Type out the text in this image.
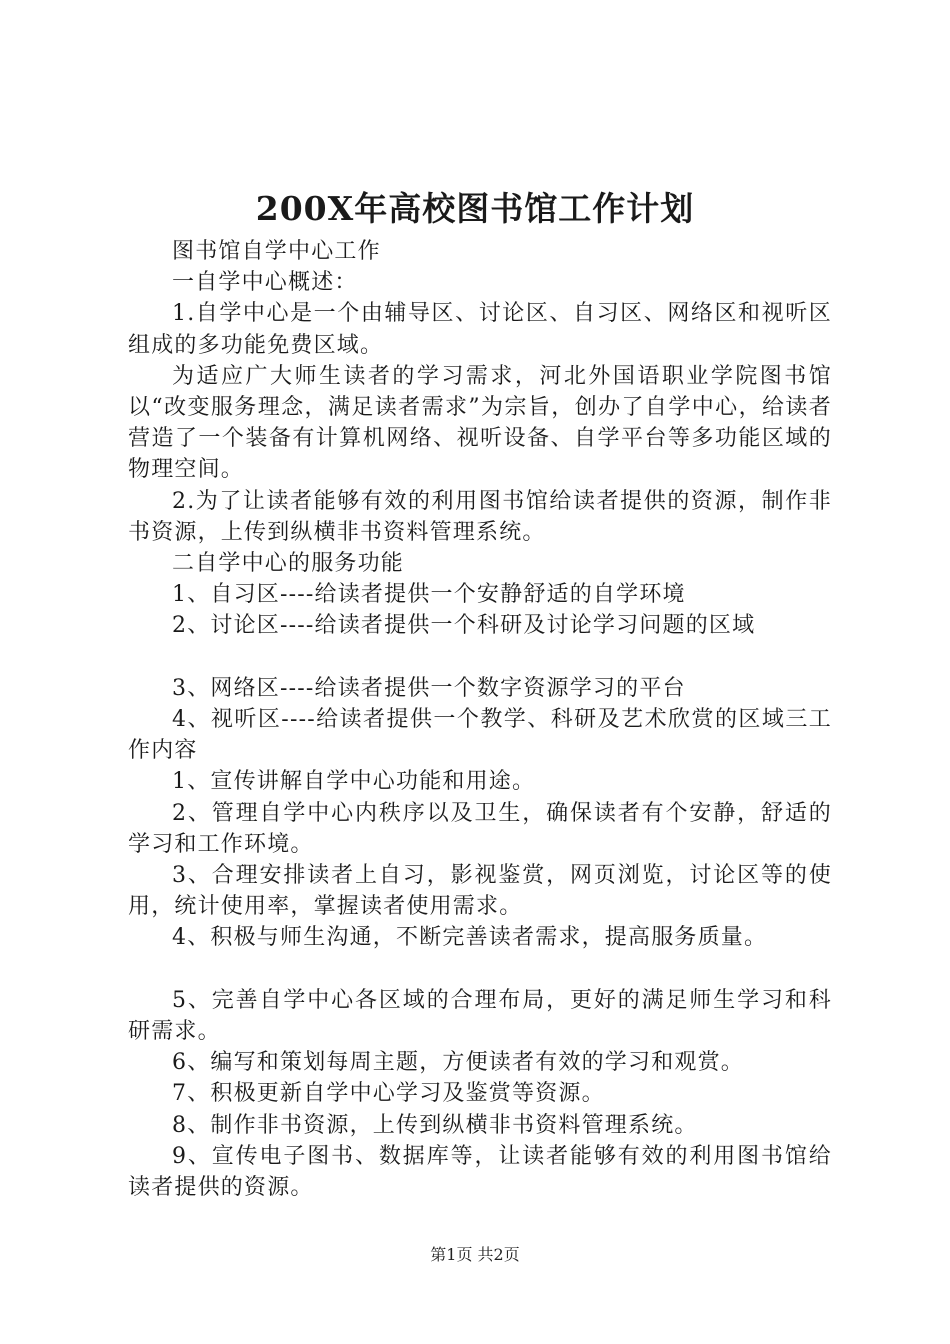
200X年高校图书馆工作计划

图书馆自学中心工作

一自学中心概述：

1.自学中心是一个由辅导区、讨论区、自习区、网络区和视听区组成的多功能免费区域。

为适应广大师生读者的学习需求，河北外国语职业学院图书馆以“改变服务理念，满足读者需求”为宗旨，创办了自学中心，给读者营造了一个装备有计算机网络、视听设备、自学平台等多功能区域的物理空间。

2.为了让读者能够有效的利用图书馆给读者提供的资源，制作非书资源，上传到纵横非书资料管理系统。

二自学中心的服务功能

1、自习区----给读者提供一个安静舒适的自学环境

2、讨论区----给读者提供一个科研及讨论学习问题的区域

3、网络区----给读者提供一个数字资源学习的平台

4、视听区----给读者提供一个教学、科研及艺术欣赏的区域三工作内容

1、宣传讲解自学中心功能和用途。

2、管理自学中心内秩序以及卫生，确保读者有个安静，舒适的学习和工作环境。

3、合理安排读者上自习，影视鉴赏，网页浏览，讨论区等的使用，统计使用率，掌握读者使用需求。

4、积极与师生沟通，不断完善读者需求，提高服务质量。

5、完善自学中心各区域的合理布局，更好的满足师生学习和科研需求。

6、编写和策划每周主题，方便读者有效的学习和观赏。

7、积极更新自学中心学习及鉴赏等资源。

8、制作非书资源，上传到纵横非书资料管理系统。

9、宣传电子图书、数据库等，让读者能够有效的利用图书馆给读者提供的资源。

第1页 共2页
